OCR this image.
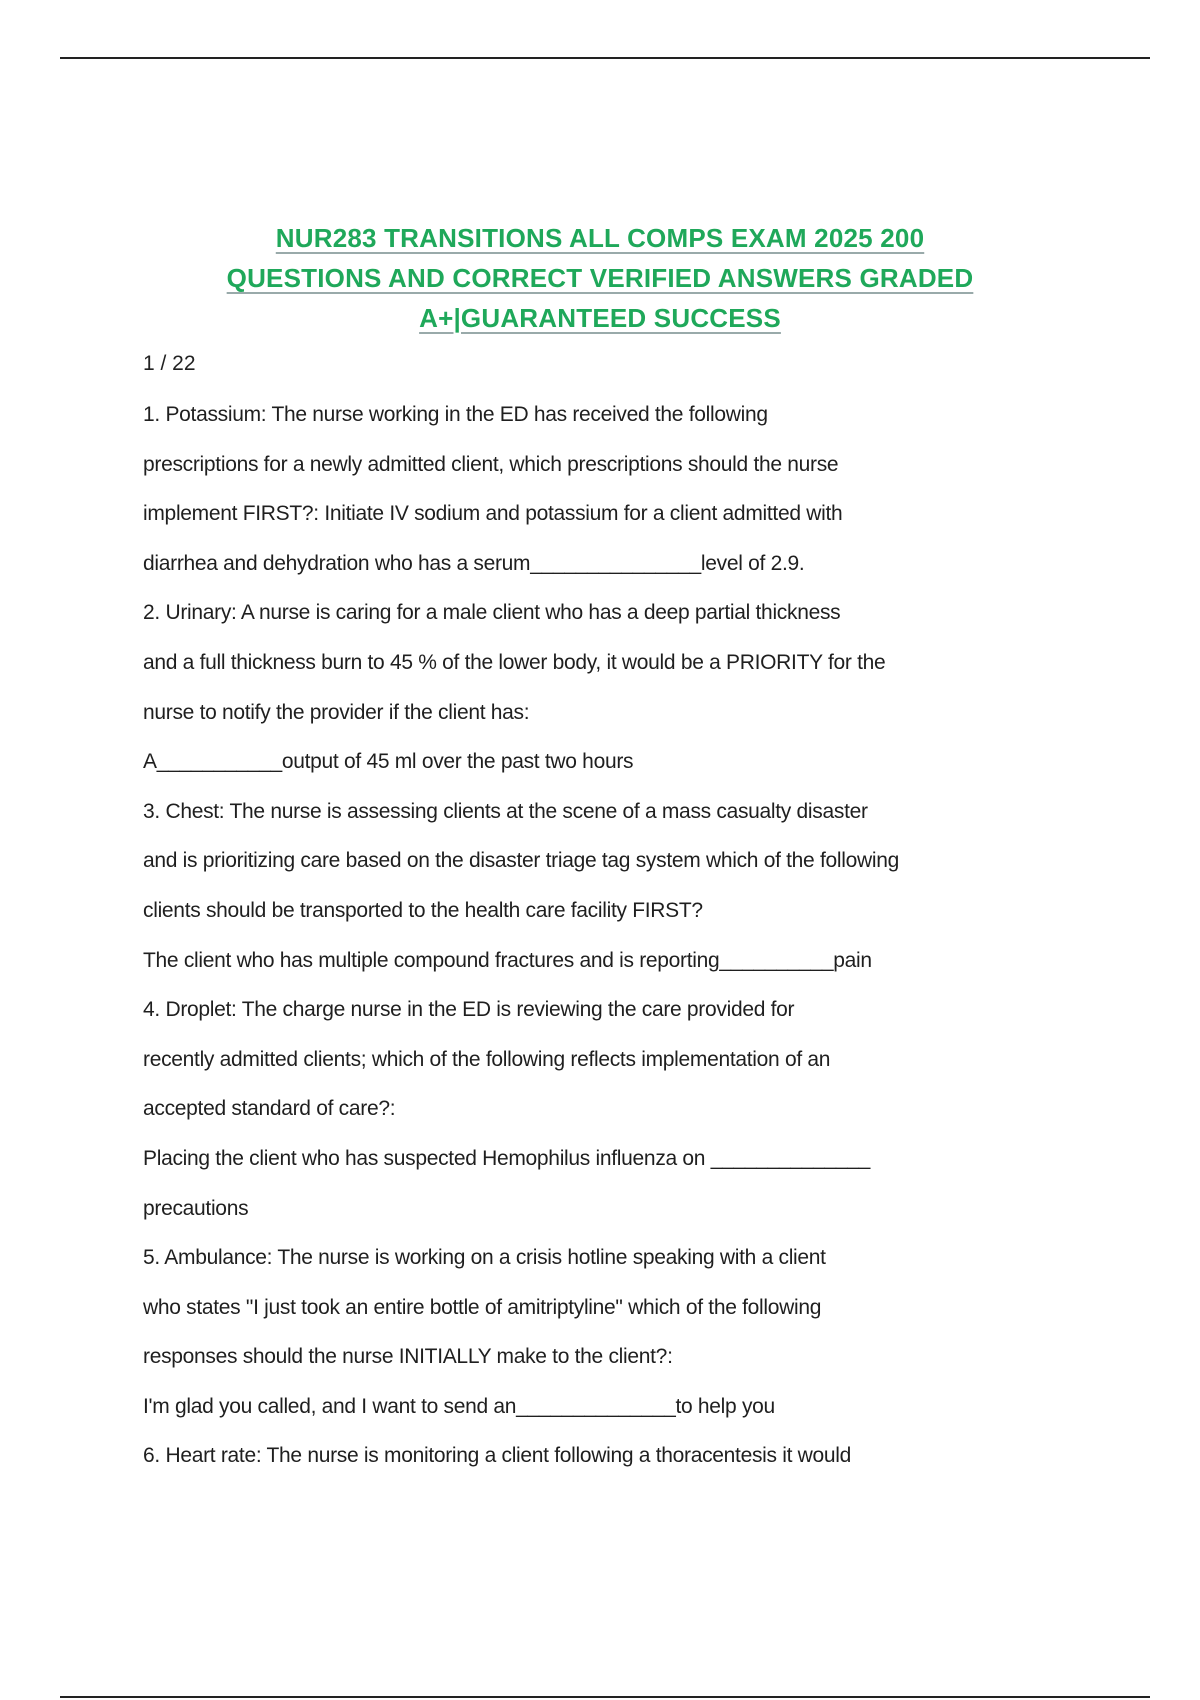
NUR283 TRANSITIONS ALL COMPS EXAM 2025 200
QUESTIONS AND CORRECT VERIFIED ANSWERS GRADED
A+|GUARANTEED SUCCESS
1 / 22
1. Potassium: The nurse working in the ED has received the following
prescriptions for a newly admitted client, which prescriptions should the nurse
implement FIRST?: Initiate IV sodium and potassium for a client admitted with
diarrhea and dehydration who has a serum_______________level of 2.9.
2. Urinary: A nurse is caring for a male client who has a deep partial thickness
and a full thickness burn to 45 % of the lower body, it would be a PRIORITY for the
nurse to notify the provider if the client has:
A___________output of 45 ml over the past two hours
3. Chest: The nurse is assessing clients at the scene of a mass casualty disaster
and is prioritizing care based on the disaster triage tag system which of the following
clients should be transported to the health care facility FIRST?
The client who has multiple compound fractures and is reporting__________pain
4. Droplet: The charge nurse in the ED is reviewing the care provided for
recently admitted clients; which of the following reflects implementation of an
accepted standard of care?:
Placing the client who has suspected Hemophilus influenza on ______________
precautions
5. Ambulance: The nurse is working on a crisis hotline speaking with a client
who states "I just took an entire bottle of amitriptyline" which of the following
responses should the nurse INITIALLY make to the client?:
I'm glad you called, and I want to send an______________to help you
6. Heart rate: The nurse is monitoring a client following a thoracentesis it would
